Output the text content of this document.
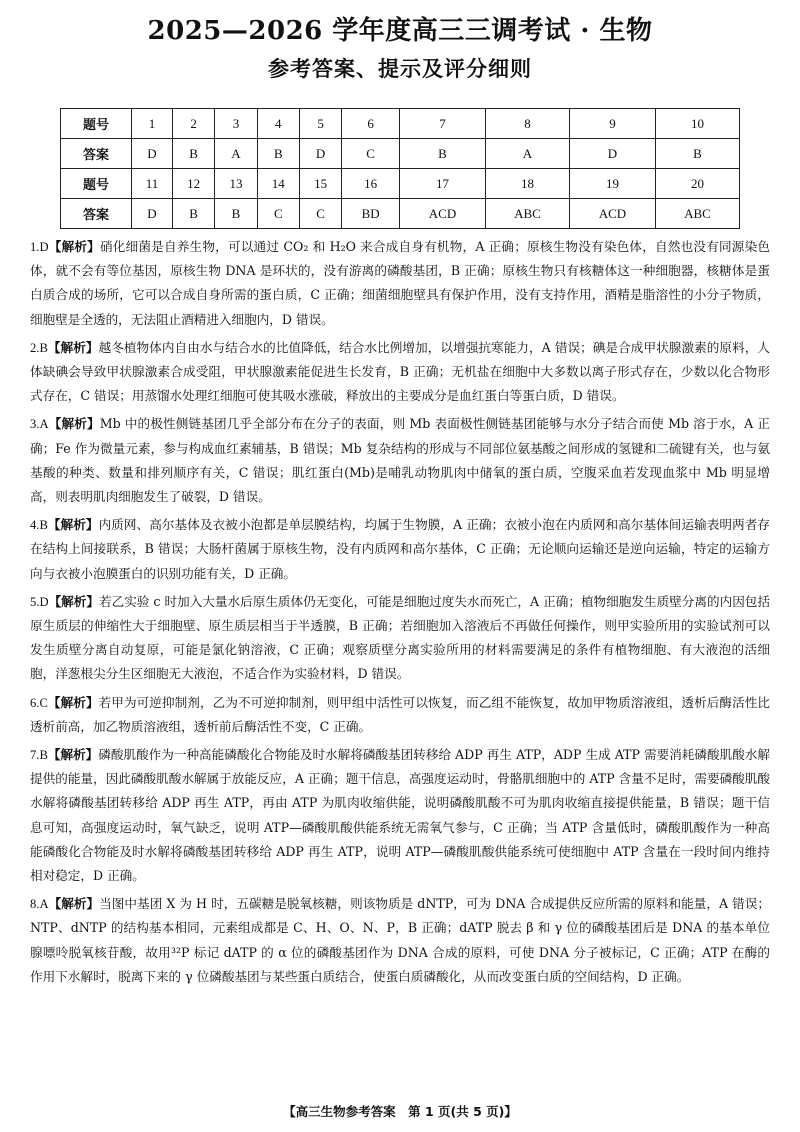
2025—2026 学年度高三三调考试 · 生物
参考答案、提示及评分细则
题号	1	2	3	4	5	6	7	8	9	10
答案	D	B	A	B	D	C	B	A	D	B
题号	11	12	13	14	15	16	17	18	19	20
答案	D	B	B	C	C	BD	ACD	ABC	ACD	ABC
1.D【解析】硝化细菌是自养生物，可以通过 CO₂ 和 H₂O 来合成自身有机物，A 正确；原核生物没有染色体，自然也没有同源染色体，就不会有等位基因，原核生物 DNA 是环状的，没有游离的磷酸基团，B 正确；原核生物只有核糖体这一种细胞器，核糖体是蛋白质合成的场所，它可以合成自身所需的蛋白质，C 正确；细菌细胞壁具有保护作用，没有支持作用，酒精是脂溶性的小分子物质，细胞壁是全透的，无法阻止酒精进入细胞内，D 错误。
2.B【解析】越冬植物体内自由水与结合水的比值降低，结合水比例增加，以增强抗寒能力，A 错误；碘是合成甲状腺激素的原料，人体缺碘会导致甲状腺激素合成受阻，甲状腺激素能促进生长发育，B 正确；无机盐在细胞中大多数以离子形式存在，少数以化合物形式存在，C 错误；用蒸馏水处理红细胞可使其吸水涨破，释放出的主要成分是血红蛋白等蛋白质，D 错误。
3.A【解析】Mb 中的极性侧链基团几乎全部分布在分子的表面，则 Mb 表面极性侧链基团能够与水分子结合而使 Mb 溶于水，A 正确；Fe 作为微量元素，参与构成血红素辅基，B 错误；Mb 复杂结构的形成与不同部位氨基酸之间形成的氢键和二硫键有关，也与氨基酸的种类、数量和排列顺序有关，C 错误；肌红蛋白(Mb)是哺乳动物肌肉中储氧的蛋白质，空腹采血若发现血浆中 Mb 明显增高，则表明肌肉细胞发生了破裂，D 错误。
4.B【解析】内质网、高尔基体及衣被小泡都是单层膜结构，均属于生物膜，A 正确；衣被小泡在内质网和高尔基体间运输表明两者存在结构上间接联系，B 错误；大肠杆菌属于原核生物，没有内质网和高尔基体，C 正确；无论顺向运输还是逆向运输，特定的运输方向与衣被小泡膜蛋白的识别功能有关，D 正确。
5.D【解析】若乙实验 c 时加入大量水后原生质体仍无变化，可能是细胞过度失水而死亡，A 正确；植物细胞发生质壁分离的内因包括原生质层的伸缩性大于细胞壁、原生质层相当于半透膜，B 正确；若细胞加入溶液后不再做任何操作，则甲实验所用的实验试剂可以发生质壁分离自动复原，可能是氯化钠溶液，C 正确；观察质壁分离实验所用的材料需要满足的条件有植物细胞、有大液泡的活细胞，洋葱根尖分生区细胞无大液泡，不适合作为实验材料，D 错误。
6.C【解析】若甲为可逆抑制剂，乙为不可逆抑制剂，则甲组中活性可以恢复，而乙组不能恢复，故加甲物质溶液组，透析后酶活性比透析前高，加乙物质溶液组，透析前后酶活性不变，C 正确。
7.B【解析】磷酸肌酸作为一种高能磷酸化合物能及时水解将磷酸基团转移给 ADP 再生 ATP，ADP 生成 ATP 需要消耗磷酸肌酸水解提供的能量，因此磷酸肌酸水解属于放能反应，A 正确；题干信息，高强度运动时，骨骼肌细胞中的 ATP 含量不足时，需要磷酸肌酸水解将磷酸基团转移给 ADP 再生 ATP，再由 ATP 为肌肉收缩供能，说明磷酸肌酸不可为肌肉收缩直接提供能量，B 错误；题干信息可知，高强度运动时，氧气缺乏，说明 ATP—磷酸肌酸供能系统无需氧气参与，C 正确；当 ATP 含量低时，磷酸肌酸作为一种高能磷酸化合物能及时水解将磷酸基团转移给 ADP 再生 ATP，说明 ATP—磷酸肌酸供能系统可使细胞中 ATP 含量在一段时间内维持相对稳定，D 正确。
8.A【解析】当图中基团 X 为 H 时，五碳糖是脱氧核糖，则该物质是 dNTP，可为 DNA 合成提供反应所需的原料和能量，A 错误；NTP、dNTP 的结构基本相同，元素组成都是 C、H、O、N、P，B 正确；dATP 脱去 β 和 γ 位的磷酸基团后是 DNA 的基本单位腺嘌呤脱氧核苷酸，故用³²P 标记 dATP 的 α 位的磷酸基团作为 DNA 合成的原料，可使 DNA 分子被标记，C 正确；ATP 在酶的作用下水解时，脱离下来的 γ 位磷酸基团与某些蛋白质结合，使蛋白质磷酸化，从而改变蛋白质的空间结构，D 正确。
【高三生物参考答案　第 1 页(共 5 页)】
